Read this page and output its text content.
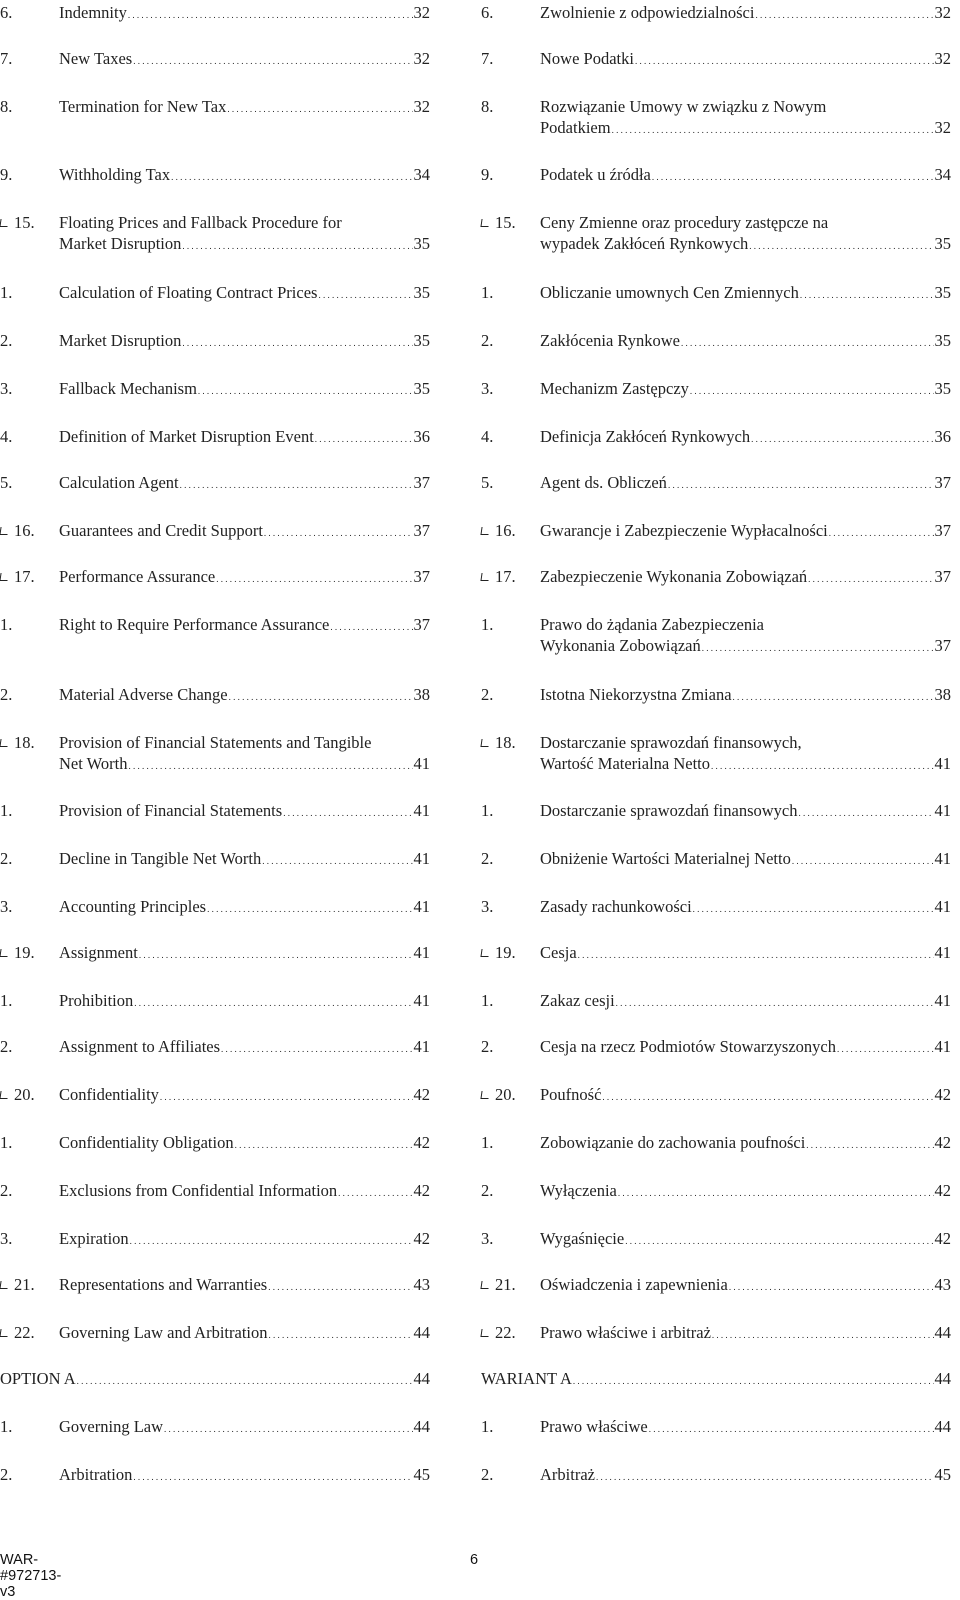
6.	Indemnity . . .	32
7.	New Taxes . . .	32
8.	Termination for New Tax . . .	32
9.	Withholding Tax . . .	34
15.	Floating Prices and Fallback Procedure for
Market Disruption . . .	35
1.	Calculation of Floating Contract Prices . . .	35
2.	Market Disruption . . .	35
3.	Fallback Mechanism . . .	35
4.	Definition of Market Disruption Event . . .	36
5.	Calculation Agent . . .	37
16.	Guarantees and Credit Support . . .	37
17.	Performance Assurance . . .	37
1.	Right to Require Performance Assurance . . .	37
2.	Material Adverse Change . . .	38
18.	Provision of Financial Statements and Tangible
Net Worth . . .	41
1.	Provision of Financial Statements . . .	41
2.	Decline in Tangible Net Worth . . .	41
3.	Accounting Principles . . .	41
19.	Assignment . . .	41
1.	Prohibition . . .	41
2.	Assignment to Affiliates . . .	41
20.	Confidentiality . . .	42
1.	Confidentiality Obligation . . .	42
2.	Exclusions from Confidential Information . . .	42
3.	Expiration . . .	42
21.	Representations and Warranties . . .	43
22.	Governing Law and Arbitration . . .	44
OPTION A . . .	44
1.	Governing Law . . .	44
2.	Arbitration . . .	45
6.	Zwolnienie z odpowiedzialności . . .	32
7.	Nowe Podatki . . .	32
8.	Rozwiązanie Umowy w związku z Nowym
Podatkiem . . .	32
9.	Podatek u źródła . . .	34
15.	Ceny Zmienne oraz procedury zastępcze na
wypadek Zakłóceń Rynkowych . . .	35
1.	Obliczanie umownych Cen Zmiennych . . .	35
2.	Zakłócenia Rynkowe . . .	35
3.	Mechanizm Zastępczy . . .	35
4.	Definicja Zakłóceń Rynkowych . . .	36
5.	Agent ds. Obliczeń . . .	37
16.	Gwarancje i Zabezpieczenie Wypłacalności . . .	37
17.	Zabezpieczenie Wykonania Zobowiązań . . .	37
1.	Prawo do żądania Zabezpieczenia
Wykonania Zobowiązań . . .	37
2.	Istotna Niekorzystna Zmiana . . .	38
18.	Dostarczanie sprawozdań finansowych,
Wartość Materialna Netto . . .	41
1.	Dostarczanie sprawozdań finansowych . . .	41
2.	Obniżenie Wartości Materialnej Netto . . .	41
3.	Zasady rachunkowości . . .	41
19.	Cesja . . .	41
1.	Zakaz cesji . . .	41
2.	Cesja na rzecz Podmiotów Stowarzyszonych . . .	41
20.	Poufność . . .	42
1.	Zobowiązanie do zachowania poufności . . .	42
2.	Wyłączenia . . .	42
3.	Wygaśnięcie . . .	42
21.	Oświadczenia i zapewnienia . . .	43
22.	Prawo właściwe i arbitraż . . .	44
WARIANT A . . .	44
1.	Prawo właściwe . . .	44
2.	Arbitraż . . .	45
WAR-#972713-v3
6
